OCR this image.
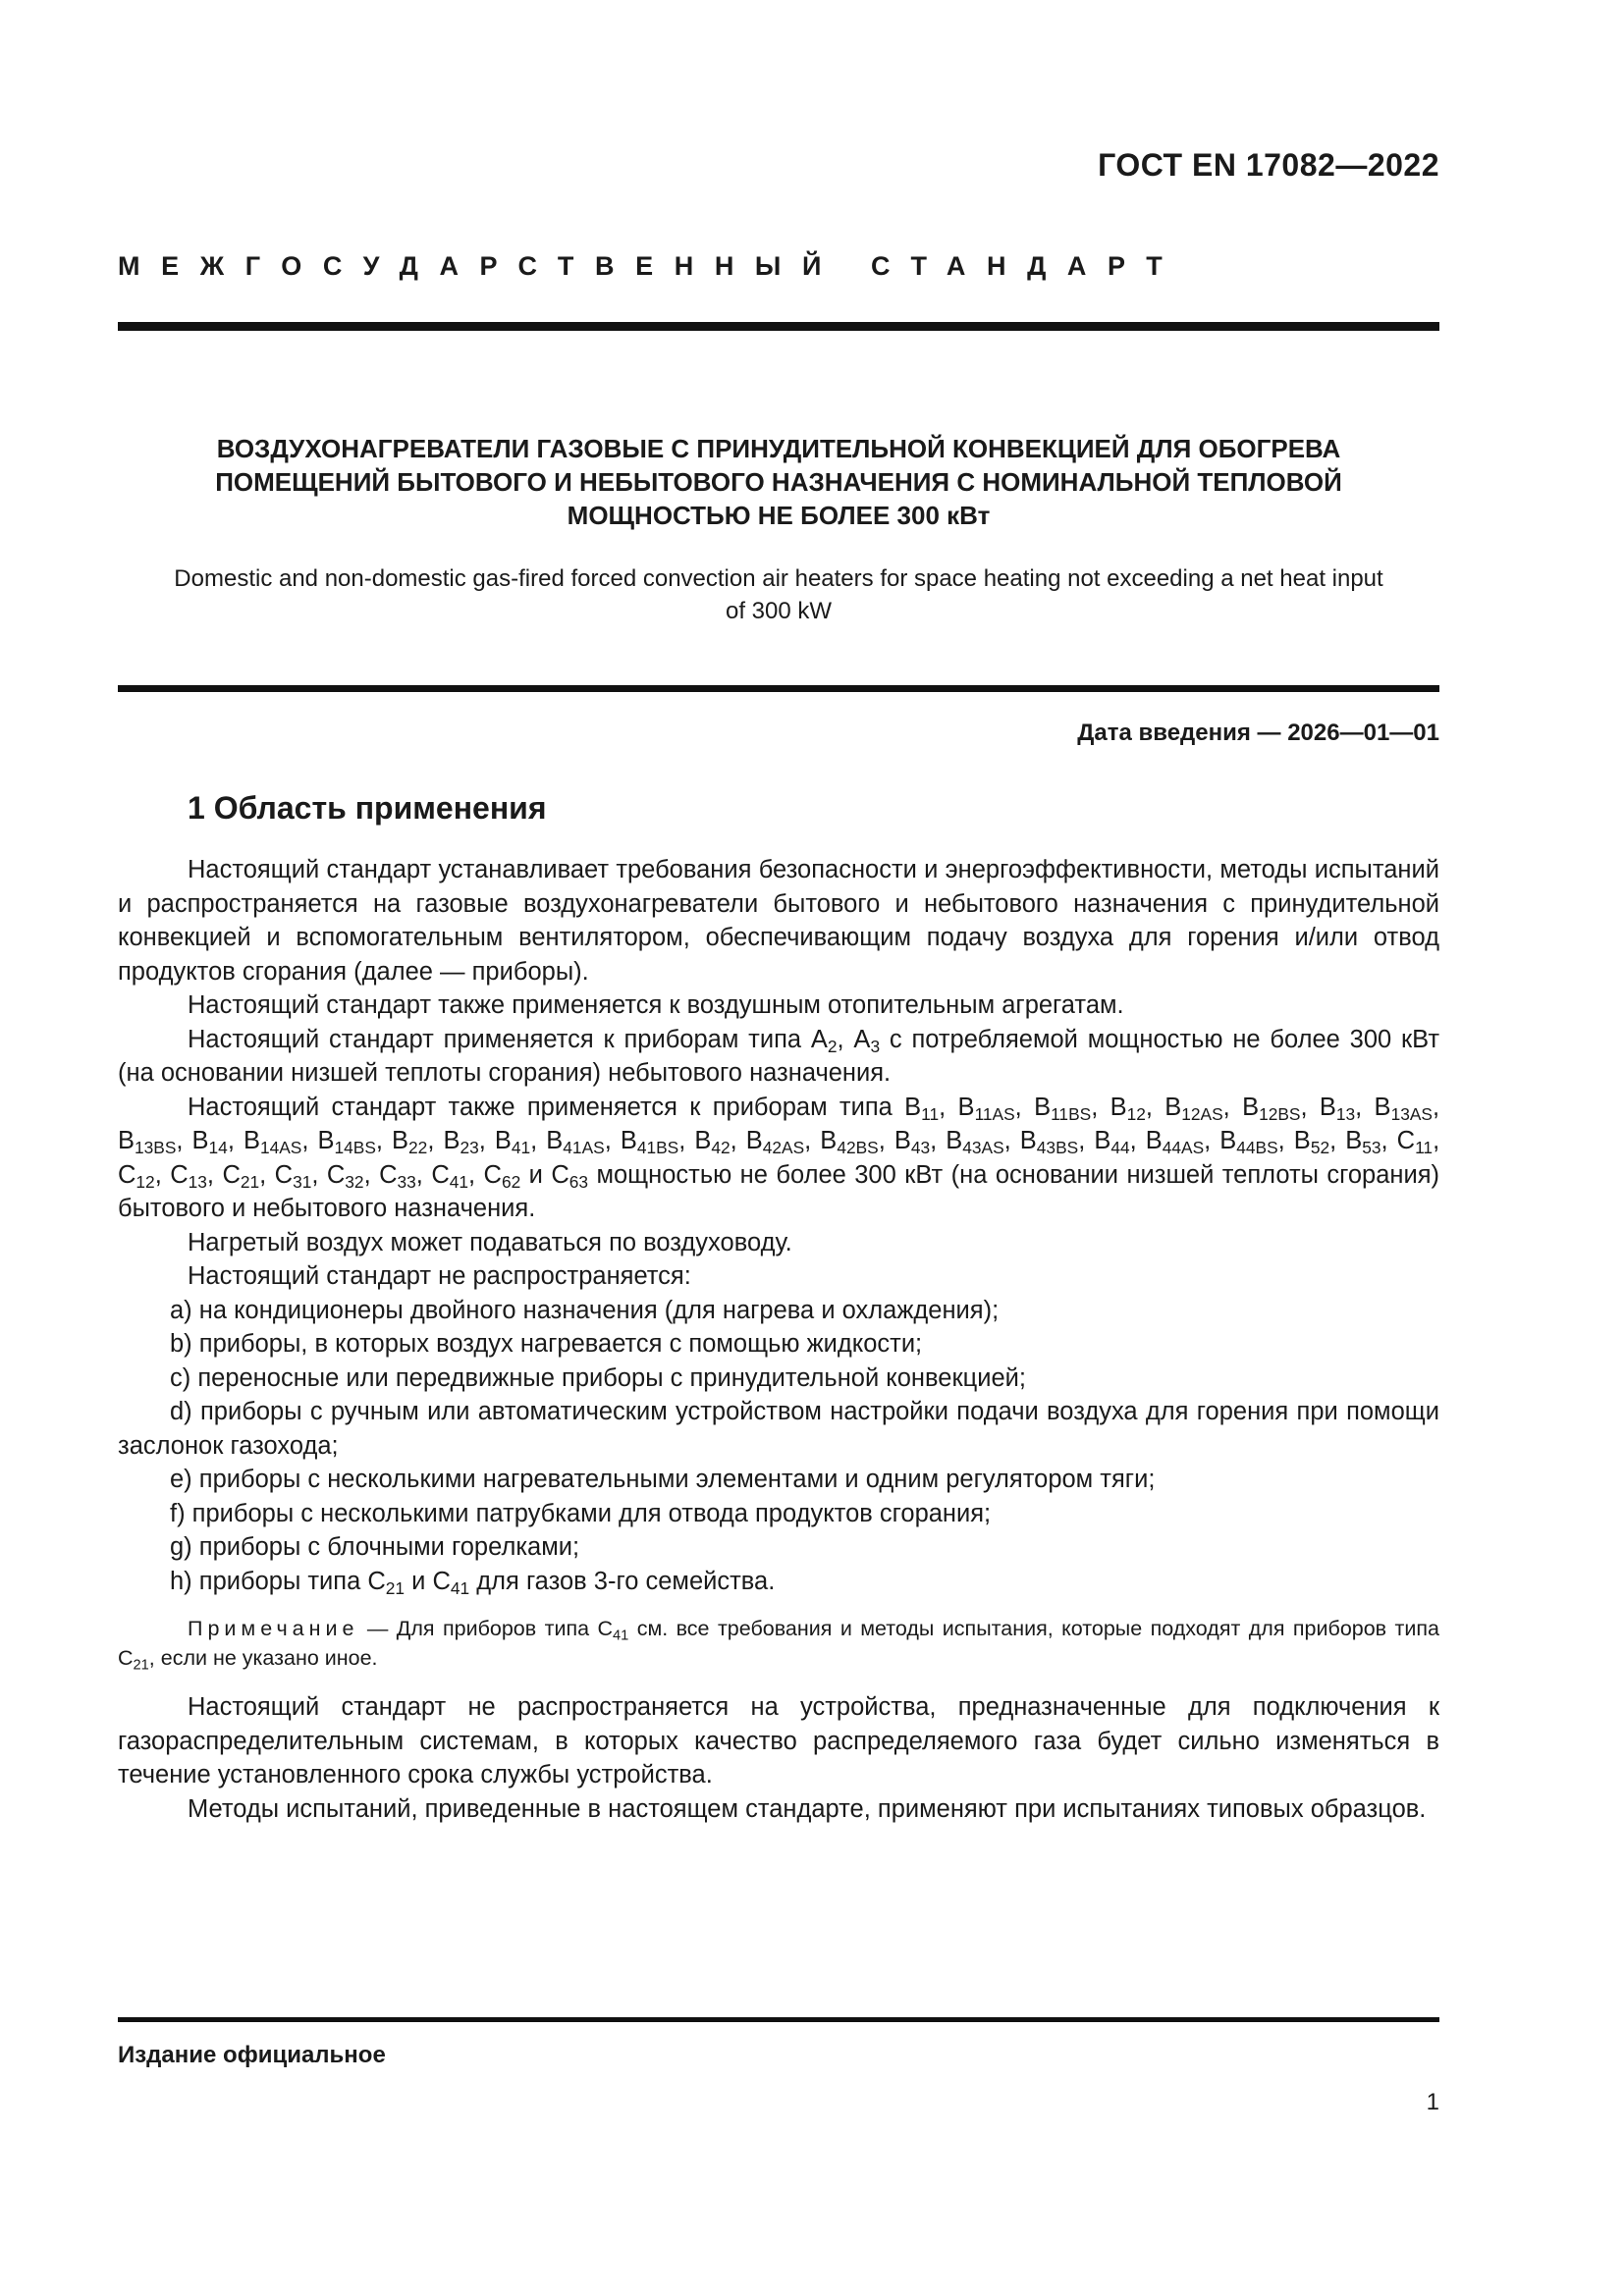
ГОСТ EN 17082—2022
МЕЖГОСУДАРСТВЕННЫЙ СТАНДАРТ
ВОЗДУХОНАГРЕВАТЕЛИ ГАЗОВЫЕ С ПРИНУДИТЕЛЬНОЙ КОНВЕКЦИЕЙ ДЛЯ ОБОГРЕВА
ПОМЕЩЕНИЙ БЫТОВОГО И НЕБЫТОВОГО НАЗНАЧЕНИЯ С НОМИНАЛЬНОЙ ТЕПЛОВОЙ
МОЩНОСТЬЮ НЕ БОЛЕЕ 300 кВт
Domestic and non-domestic gas-fired forced convection air heaters for space heating not exceeding a net heat input
of 300 kW
Дата введения — 2026—01—01
1 Область применения

Настоящий стандарт устанавливает требования безопасности и энергоэффективности, методы испытаний и распространяется на газовые воздухонагреватели бытового и небытового назначения с принудительной конвекцией и вспомогательным вентилятором, обеспечивающим подачу воздуха для горения и/или отвод продуктов сгорания (далее — приборы).

Настоящий стандарт также применяется к воздушным отопительным агрегатам.

Настоящий стандарт применяется к приборам типа $А_2$, $А_3$ с потребляемой мощностью не более 300 кВт (на основании низшей теплоты сгорания) небытового назначения.

Настоящий стандарт также применяется к приборам типа $В_{11}$, $В_{11AS}$, $В_{11BS}$, $В_{12}$, $В_{12AS}$, $В_{12BS}$, $В_{13}$, $В_{13AS}$, $В_{13BS}$, $В_{14}$, $В_{14AS}$, $В_{14BS}$, $В_{22}$, $В_{23}$, $В_{41}$, $В_{41AS}$, $В_{41BS}$, $В_{42}$, $В_{42AS}$, $В_{42BS}$, $В_{43}$, $В_{43AS}$, $В_{43BS}$, $В_{44}$, $В_{44AS}$, $В_{44BS}$, $В_{52}$, $В_{53}$, $С_{11}$, $С_{12}$, $С_{13}$, $С_{21}$, $С_{31}$, $С_{32}$, $С_{33}$, $С_{41}$, $С_{62}$ и $С_{63}$ мощностью не более 300 кВт (на основании низшей теплоты сгорания) бытового и небытового назначения.

Нагретый воздух может подаваться по воздуховоду.

Настоящий стандарт не распространяется:

а) на кондиционеры двойного назначения (для нагрева и охлаждения);

b) приборы, в которых воздух нагревается с помощью жидкости;

с) переносные или передвижные приборы с принудительной конвекцией;

d) приборы с ручным или автоматическим устройством настройки подачи воздуха для горения при помощи заслонок газохода;

е) приборы с несколькими нагревательными элементами и одним регулятором тяги;

f) приборы с несколькими патрубками для отвода продуктов сгорания;

g) приборы с блочными горелками;

h) приборы типа $С_{21}$ и $С_{41}$ для газов 3-го семейства.

Примечание — Для приборов типа $С_{41}$ см. все требования и методы испытания, которые подходят для приборов типа $С_{21}$, если не указано иное.

Настоящий стандарт не распространяется на устройства, предназначенные для подключения к газораспределительным системам, в которых качество распределяемого газа будет сильно изменяться в течение установленного срока службы устройства.

Методы испытаний, приведенные в настоящем стандарте, применяют при испытаниях типовых образцов.

Издание официальное
1
